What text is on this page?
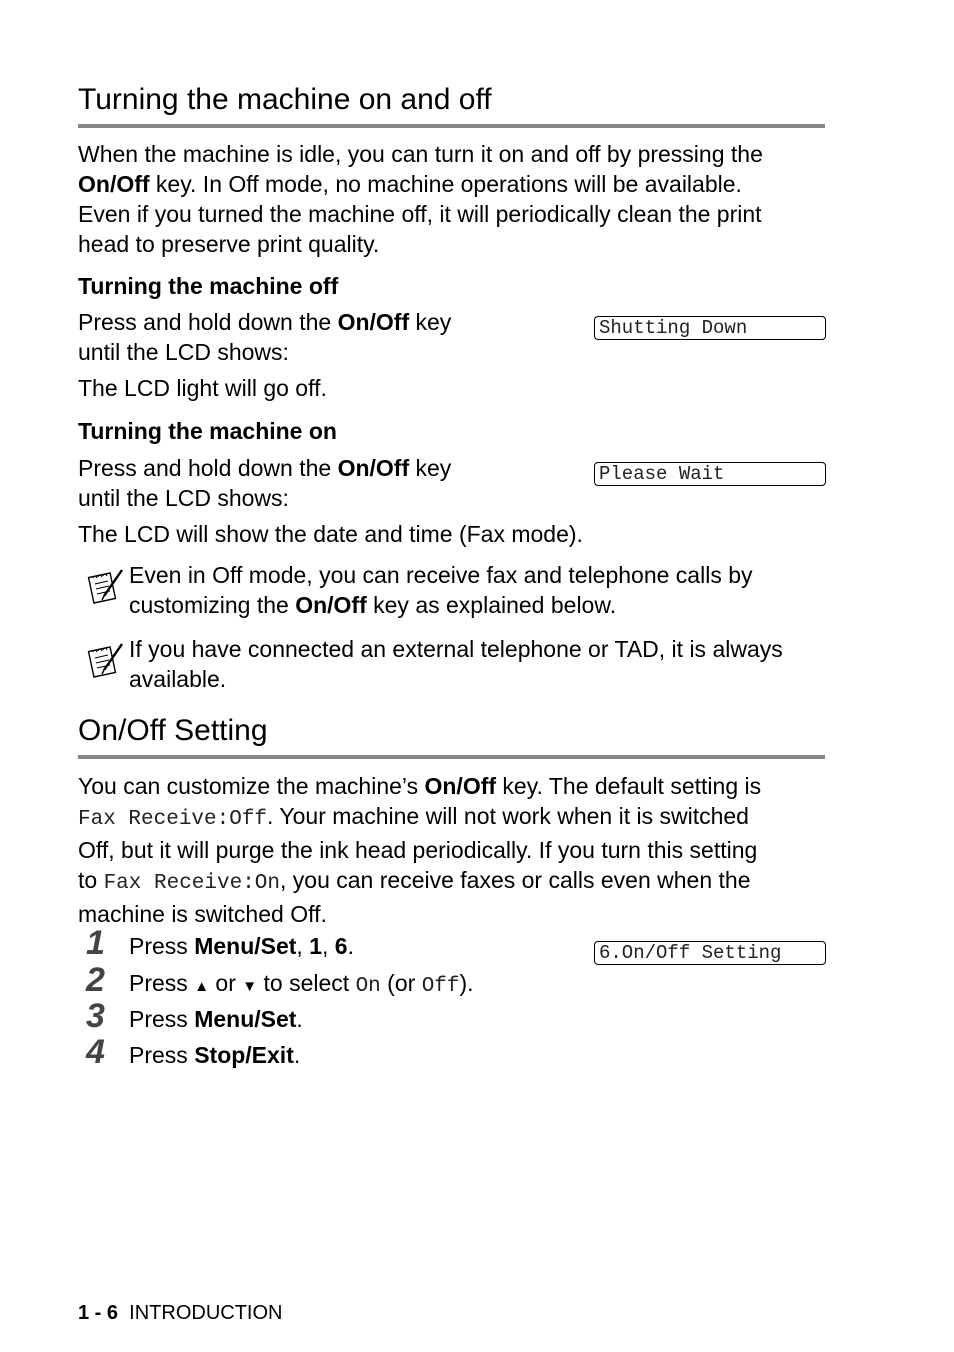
Turning the machine on and off
When the machine is idle, you can turn it on and off by pressing the
On/Off key. In Off mode, no machine operations will be available.
Even if you turned the machine off, it will periodically clean the print
head to preserve print quality.
Turning the machine off
Press and hold down the On/Off key
until the LCD shows:
Shutting Down
The LCD light will go off.
Turning the machine on
Press and hold down the On/Off key
until the LCD shows:
Please Wait
The LCD will show the date and time (Fax mode).
Even in Off mode, you can receive fax and telephone calls by
customizing the On/Off key as explained below.
If you have connected an external telephone or TAD, it is always
available.
On/Off Setting
You can customize the machine’s On/Off key. The default setting is
Fax Receive:Off. Your machine will not work when it is switched
Off, but it will purge the ink head periodically. If you turn this setting
to Fax Receive:On, you can receive faxes or calls even when the
machine is switched Off.
6.On/Off Setting
1	Press Menu/Set, 1, 6.
2	Press ▲ or ▼ to select On (or Off).
3	Press Menu/Set.
4	Press Stop/Exit.
1 - 6 INTRODUCTION
